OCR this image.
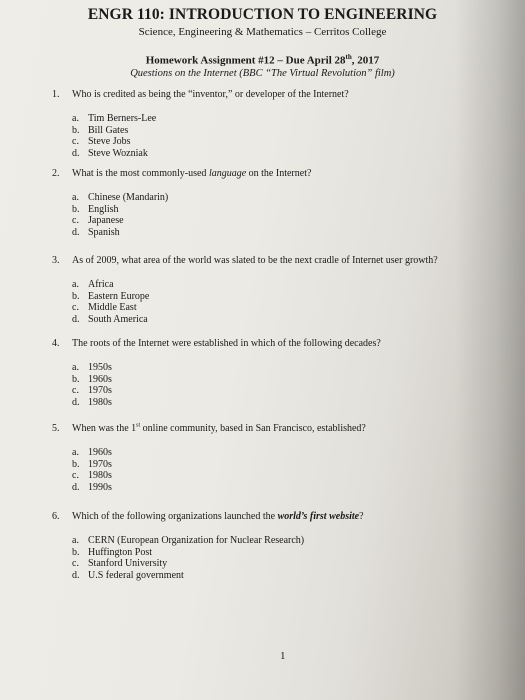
ENGR 110: INTRODUCTION TO ENGINEERING
Science, Engineering & Mathematics – Cerritos College
Homework Assignment #12 – Due April 28th, 2017
Questions on the Internet (BBC “The Virtual Revolution” film)
1. Who is credited as being the “inventor,” or developer of the Internet?
a. Tim Berners-Lee
b. Bill Gates
c. Steve Jobs
d. Steve Wozniak
2. What is the most commonly-used language on the Internet?
a. Chinese (Mandarin)
b. English
c. Japanese
d. Spanish
3. As of 2009, what area of the world was slated to be the next cradle of Internet user growth?
a. Africa
b. Eastern Europe
c. Middle East
d. South America
4. The roots of the Internet were established in which of the following decades?
a. 1950s
b. 1960s
c. 1970s
d. 1980s
5. When was the 1st online community, based in San Francisco, established?
a. 1960s
b. 1970s
c. 1980s
d. 1990s
6. Which of the following organizations launched the world’s first website?
a. CERN (European Organization for Nuclear Research)
b. Huffington Post
c. Stanford University
d. U.S federal government
1
